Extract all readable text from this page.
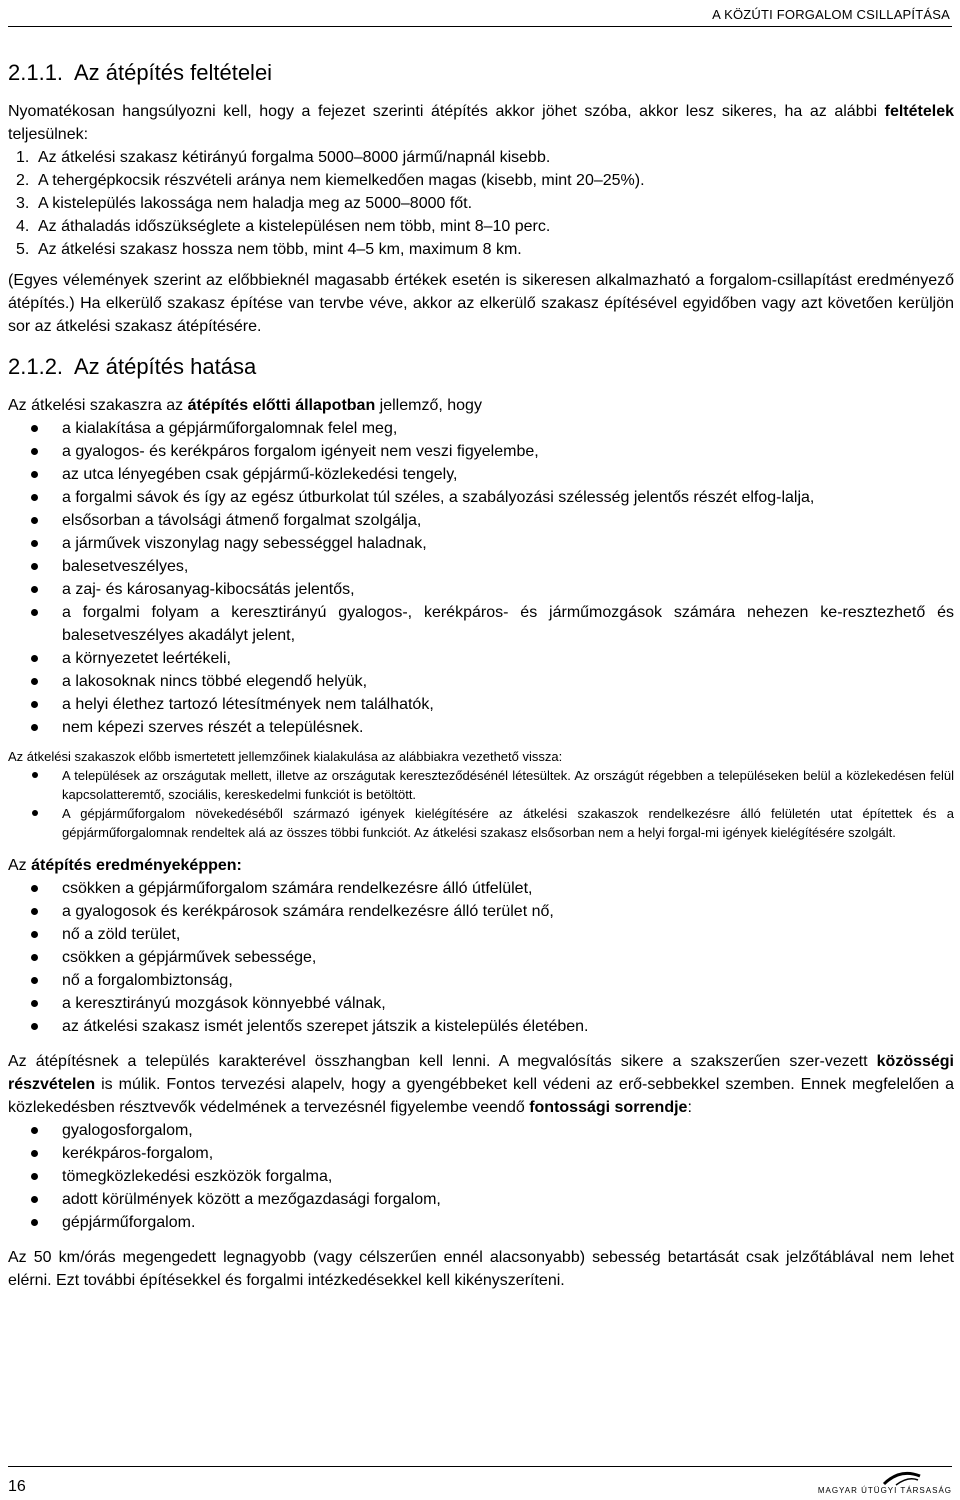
A KÖZÚTI FORGALOM CSILLAPÍTÁSA
2.1.1. Az átépítés feltételei
Nyomatékosan hangsúlyozni kell, hogy a fejezet szerinti átépítés akkor jöhet szóba, akkor lesz sikeres, ha az alábbi feltételek teljesülnek:
1. Az átkelési szakasz kétirányú forgalma 5000–8000 jármű/napnál kisebb.
2. A tehergépkocsik részvételi aránya nem kiemelkedően magas (kisebb, mint 20–25%).
3. A kistelepülés lakossága nem haladja meg az 5000–8000 főt.
4. Az áthaladás időszükséglete a kistelepülésen nem több, mint 8–10 perc.
5. Az átkelési szakasz hossza nem több, mint 4–5 km, maximum 8 km.
(Egyes vélemények szerint az előbbieknél magasabb értékek esetén is sikeresen alkalmazható a forgalom-csillapítást eredményező átépítés.) Ha elkerülő szakasz építése van tervbe véve, akkor az elkerülő szakasz építésével egyidőben vagy azt követően kerüljön sor az átkelési szakasz átépítésére.
2.1.2. Az átépítés hatása
Az átkelési szakaszra az átépítés előtti állapotban jellemző, hogy
a kialakítása a gépjárműforgalomnak felel meg,
a gyalogos- és kerékpáros forgalom igényeit nem veszi figyelembe,
az utca lényegében csak gépjármű-közlekedési tengely,
a forgalmi sávok és így az egész útburkolat túl széles, a szabályozási szélesség jelentős részét elfog-lalja,
elsősorban a távolsági átmenő forgalmat szolgálja,
a járművek viszonylag nagy sebességgel haladnak,
balesetveszélyes,
a zaj- és károsanyag-kibocsátás jelentős,
a forgalmi folyam a keresztirányú gyalogos-, kerékpáros- és járműmozgások számára nehezen ke-resztezhető és balesetveszélyes akadályt jelent,
a környezetet leértékeli,
a lakosoknak nincs többé elegendő helyük,
a helyi élethez tartozó létesítmények nem találhatók,
nem képezi szerves részét a településnek.
Az átkelési szakaszok előbb ismertetett jellemzőinek kialakulása az alábbiakra vezethető vissza:
A települések az országutak mellett, illetve az országutak kereszteződésénél létesültek. Az országút régebben a településeken belül a közlekedésen felül kapcsolatteremtő, szociális, kereskedelmi funkciót is betöltött.
A gépjárműforgalom növekedéséből származó igények kielégítésére az átkelési szakaszok rendelkezésre álló felületén utat építettek és a gépjárműforgalomnak rendeltek alá az összes többi funkciót. Az átkelési szakasz elsősorban nem a helyi forgal-mi igények kielégítésére szolgált.
Az átépítés eredményeképpen:
csökken a gépjárműforgalom számára rendelkezésre álló útfelület,
a gyalogosok és kerékpárosok számára rendelkezésre álló terület nő,
nő a zöld terület,
csökken a gépjárművek sebessége,
nő a forgalombiztonság,
a keresztirányú mozgások könnyebbé válnak,
az átkelési szakasz ismét jelentős szerepet játszik a kistelepülés életében.
Az átépítésnek a település karakterével összhangban kell lenni. A megvalósítás sikere a szakszerűen szer-vezett közösségi részvételen is múlik. Fontos tervezési alapelv, hogy a gyengébbeket kell védeni az erő-sebbekkel szemben. Ennek megfelelően a közlekedésben résztvevők védelmének a tervezésnél figyelembe veendő fontossági sorrendje:
gyalogosforgalom,
kerékpáros-forgalom,
tömegközlekedési eszközök forgalma,
adott körülmények között a mezőgazdasági forgalom,
gépjárműforgalom.
Az 50 km/órás megengedett legnagyobb (vagy célszerűen ennél alacsonyabb) sebesség betartását csak jelzőtáblával nem lehet elérni. Ezt további építésekkel és forgalmi intézkedésekkel kell kikényszeríteni.
16	MAGYAR ÚTÜGYI TÁRSASÁG
